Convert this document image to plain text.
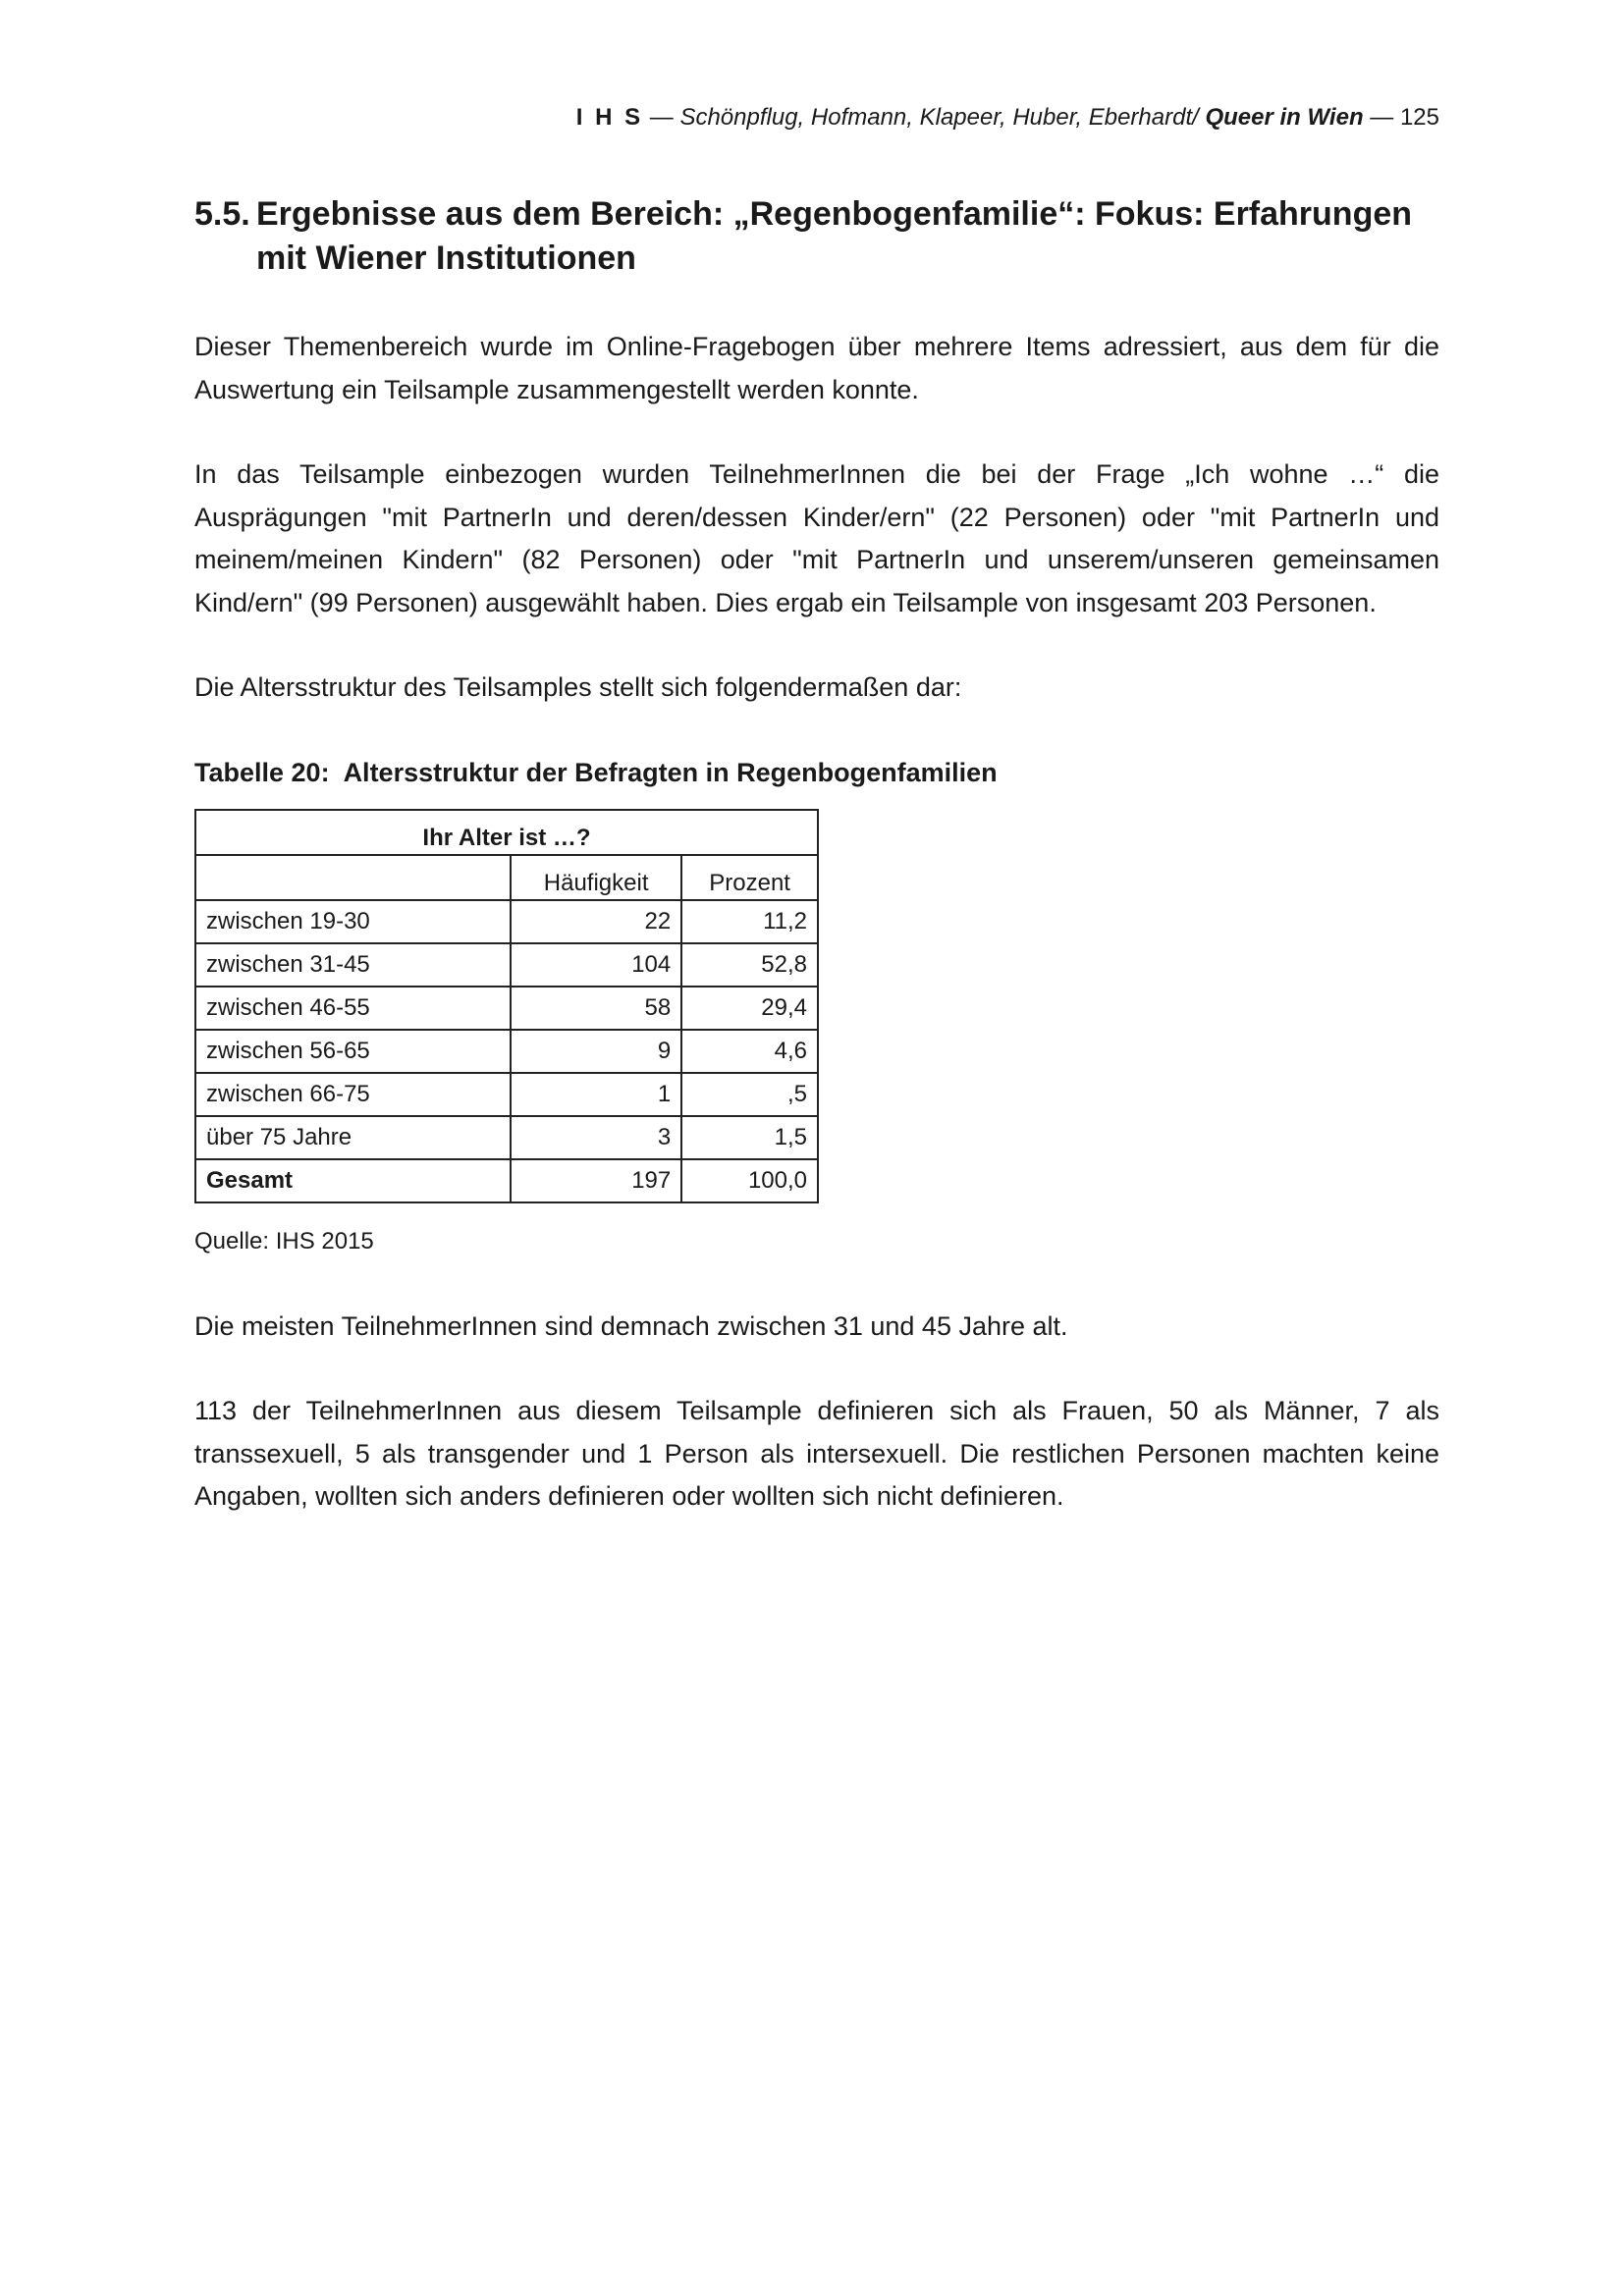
I H S — Schönpflug, Hofmann, Klapeer, Huber, Eberhardt/ Queer in Wien — 125
5.5. Ergebnisse aus dem Bereich: „Regenbogenfamilie“: Fokus: Erfahrungen mit Wiener Institutionen

Dieser Themenbereich wurde im Online-Fragebogen über mehrere Items adressiert, aus dem für die Auswertung ein Teilsample zusammengestellt werden konnte.

In das Teilsample einbezogen wurden TeilnehmerInnen die bei der Frage „Ich wohne …“ die Ausprägungen "mit PartnerIn und deren/dessen Kinder/ern" (22 Personen) oder "mit PartnerIn und meinem/meinen Kindern" (82 Personen) oder "mit PartnerIn und unserem/unseren gemeinsamen Kind/ern" (99 Personen) ausgewählt haben. Dies ergab ein Teilsample von insgesamt 203 Personen.

Die Altersstruktur des Teilsamples stellt sich folgendermaßen dar:

Tabelle 20: Altersstruktur der Befragten in Regenbogenfamilien
Ihr Alter ist …?		
	Häufigkeit	Prozent
zwischen 19-30	22	11,2
zwischen 31-45	104	52,8
zwischen 46-55	58	29,4
zwischen 56-65	9	4,6
zwischen 66-75	1	,5
über 75 Jahre	3	1,5
Gesamt	197	100,0
Quelle: IHS 2015

Die meisten TeilnehmerInnen sind demnach zwischen 31 und 45 Jahre alt.

113 der TeilnehmerInnen aus diesem Teilsample definieren sich als Frauen, 50 als Männer, 7 als transsexuell, 5 als transgender und 1 Person als intersexuell. Die restlichen Personen machten keine Angaben, wollten sich anders definieren oder wollten sich nicht definieren.
